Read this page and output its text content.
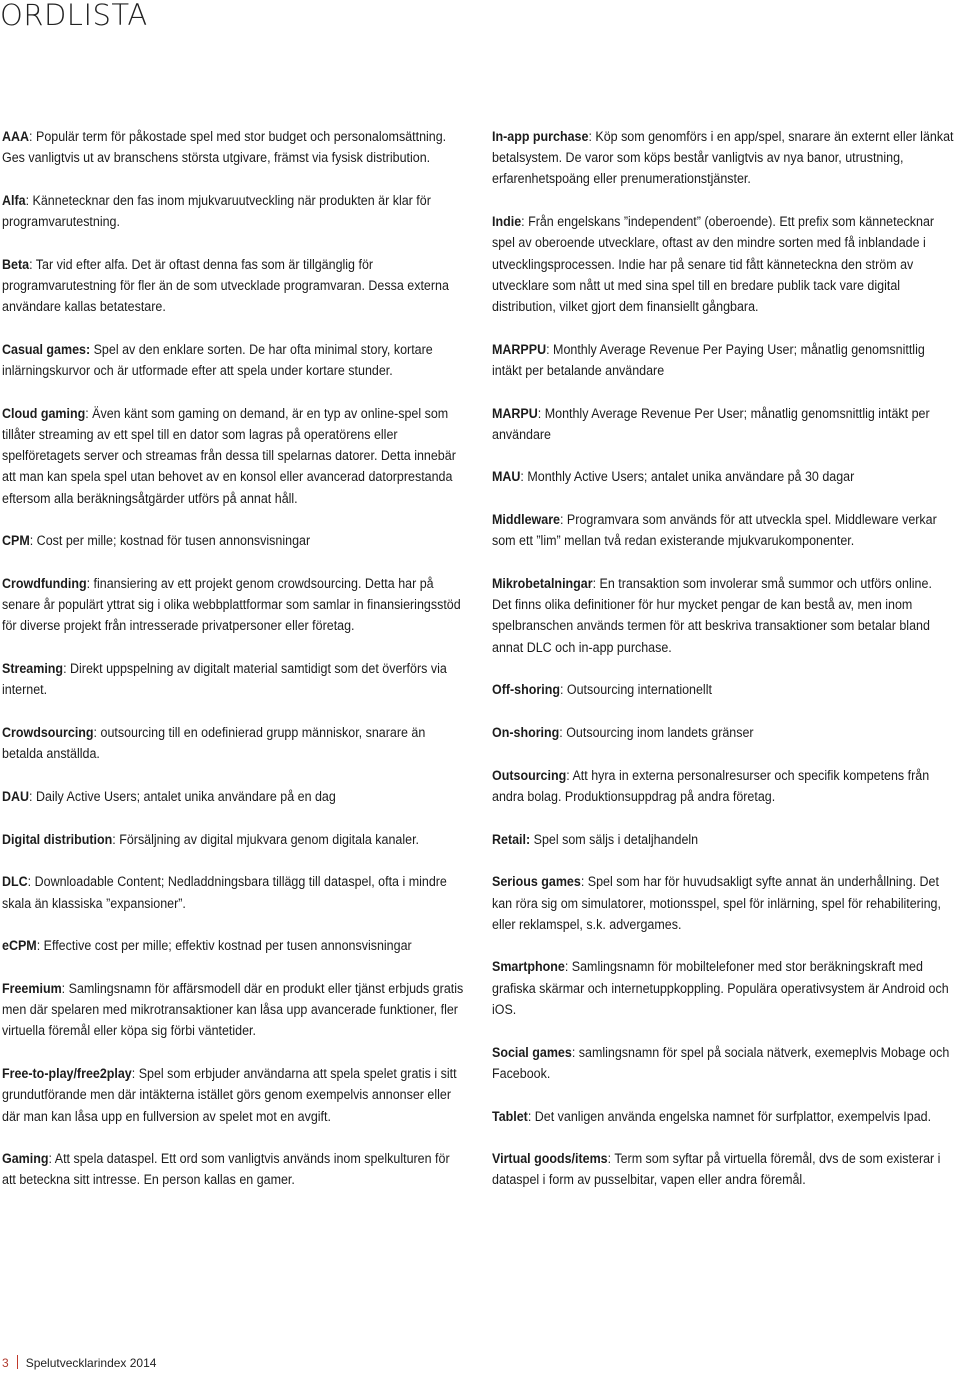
ORDLISTA

AAA: Populär term för påkostade spel med stor budget och personalomsättning. Ges vanligtvis ut av branschens största utgivare, främst via fysisk distribution.

Alfa: Kännetecknar den fas inom mjukvaruutveckling när produkten är klar för programvarutestning.

Beta: Tar vid efter alfa. Det är oftast denna fas som är tillgänglig för programvarutestning för fler än de som utvecklade programvaran. Dessa externa användare kallas betatestare.

Casual games: Spel av den enklare sorten. De har ofta minimal story, kortare inlärningskurvor och är utformade efter att spela under kortare stunder.

Cloud gaming: Även känt som gaming on demand, är en typ av online-spel som tillåter streaming av ett spel till en dator som lagras på operatörens eller spelföretagets server och streamas från dessa till spelarnas datorer. Detta innebär att man kan spela spel utan behovet av en konsol eller avancerad datorprestanda eftersom alla beräkningsåtgärder utförs på annat håll.

CPM: Cost per mille; kostnad för tusen annonsvisningar

Crowdfunding: finansiering av ett projekt genom crowdsourcing. Detta har på senare år populärt yttrat sig i olika webbplattformar som samlar in finansieringsstöd för diverse projekt från intresserade privatpersoner eller företag.

Streaming: Direkt uppspelning av digitalt material samtidigt som det överförs via internet.

Crowdsourcing: outsourcing till en odefinierad grupp människor, snarare än betalda anställda.

DAU: Daily Active Users; antalet unika användare på en dag

Digital distribution: Försäljning av digital mjukvara genom digitala kanaler.

DLC: Downloadable Content; Nedladdningsbara tillägg till dataspel, ofta i mindre skala än klassiska ”expansioner”.

eCPM: Effective cost per mille; effektiv kostnad per tusen annonsvisningar

Freemium: Samlingsnamn för affärsmodell där en produkt eller tjänst erbjuds gratis men där spelaren med mikrotransaktioner kan låsa upp avancerade funktioner, fler virtuella föremål eller köpa sig förbi väntetider.

Free-to-play/free2play: Spel som erbjuder användarna att spela spelet gratis i sitt grundutförande men där intäkterna istället görs genom exempelvis annonser eller där man kan låsa upp en fullversion av spelet mot en avgift.

Gaming: Att spela dataspel. Ett ord som vanligtvis används inom spelkulturen för att beteckna sitt intresse. En person kallas en gamer.

In-app purchase: Köp som genomförs i en app/spel, snarare än externt eller länkat betalsystem. De varor som köps består vanligtvis av nya banor, utrustning, erfarenhetspoäng eller prenumerationstjänster.

Indie: Från engelskans ”independent” (oberoende). Ett prefix som kännetecknar spel av oberoende utvecklare, oftast av den mindre sorten med få inblandade i utvecklingsprocessen. Indie har på senare tid fått känneteckna den ström av utvecklare som nått ut med sina spel till en bredare publik tack vare digital distribution, vilket gjort dem finansiellt gångbara.

MARPPU: Monthly Average Revenue Per Paying User; månatlig genomsnittlig intäkt per betalande användare

MARPU: Monthly Average Revenue Per User; månatlig genomsnittlig intäkt per användare

MAU: Monthly Active Users; antalet unika användare på 30 dagar

Middleware: Programvara som används för att utveckla spel. Middleware verkar som ett ”lim” mellan två redan existerande mjukvarukomponenter.

Mikrobetalningar: En transaktion som involerar små summor och utförs online. Det finns olika definitioner för hur mycket pengar de kan bestå av, men inom spelbranschen används termen för att beskriva transaktioner som betalar bland annat DLC och in-app purchase.

Off-shoring: Outsourcing internationellt

On-shoring: Outsourcing inom landets gränser

Outsourcing: Att hyra in externa personalresurser och specifik kompetens från andra bolag. Produktionsuppdrag på andra företag.

Retail: Spel som säljs i detaljhandeln

Serious games: Spel som har för huvudsakligt syfte annat än underhållning. Det kan röra sig om simulatorer, motionsspel, spel för inlärning, spel för rehabilitering, eller reklamspel, s.k. advergames.

Smartphone: Samlingsnamn för mobiltelefoner med stor beräkningskraft med grafiska skärmar och internetuppkoppling. Populära operativsystem är Android och iOS.

Social games: samlingsnamn för spel på sociala nätverk, exemeplvis Mobage och Facebook.

Tablet: Det vanligen använda engelska namnet för surfplattor, exempelvis Ipad.

Virtual goods/items: Term som syftar på virtuella föremål, dvs de som existerar i dataspel i form av pusselbitar, vapen eller andra föremål.

3 Spelutvecklarindex 2014
